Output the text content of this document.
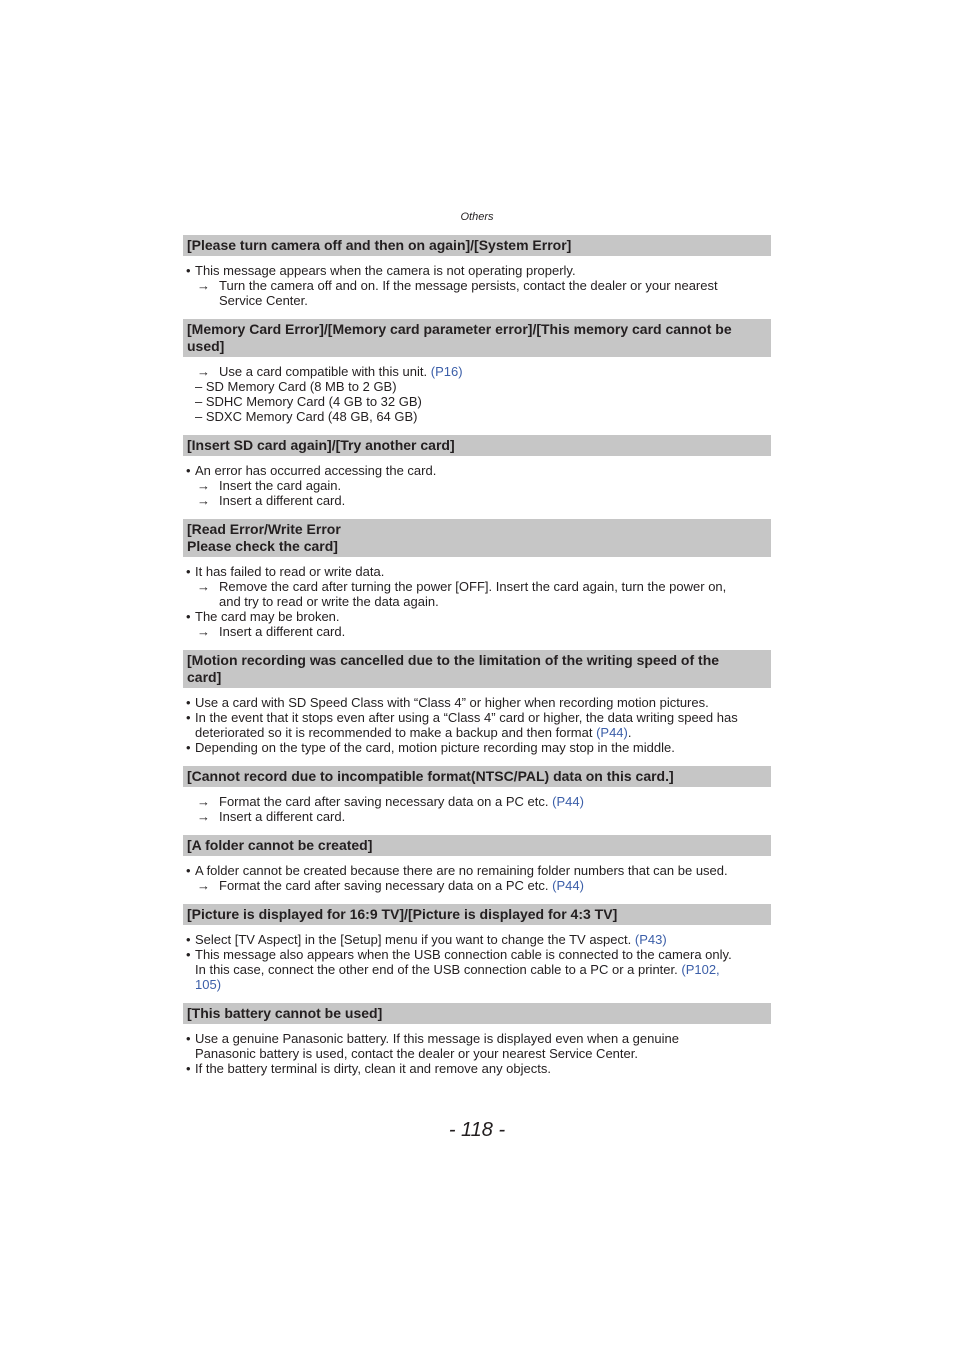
Others
[Please turn camera off and then on again]/[System Error]
• This message appears when the camera is not operating properly.
→ Turn the camera off and on. If the message persists, contact the dealer or your nearest
Service Center.
[Memory Card Error]/[Memory card parameter error]/[This memory card cannot be
used]
→ Use a card compatible with this unit. (P16)
– SD Memory Card (8 MB to 2 GB)
– SDHC Memory Card (4 GB to 32 GB)
– SDXC Memory Card (48 GB, 64 GB)
[Insert SD card again]/[Try another card]
• An error has occurred accessing the card.
→ Insert the card again.
→ Insert a different card.
[Read Error/Write Error
Please check the card]
• It has failed to read or write data.
→ Remove the card after turning the power [OFF]. Insert the card again, turn the power on,
and try to read or write the data again.
• The card may be broken.
→ Insert a different card.
[Motion recording was cancelled due to the limitation of the writing speed of the
card]
• Use a card with SD Speed Class with “Class 4” or higher when recording motion pictures.
• In the event that it stops even after using a “Class 4” card or higher, the data writing speed has
deteriorated so it is recommended to make a backup and then format (P44).
• Depending on the type of the card, motion picture recording may stop in the middle.
[Cannot record due to incompatible format(NTSC/PAL) data on this card.]
→ Format the card after saving necessary data on a PC etc. (P44)
→ Insert a different card.
[A folder cannot be created]
• A folder cannot be created because there are no remaining folder numbers that can be used.
→ Format the card after saving necessary data on a PC etc. (P44)
[Picture is displayed for 16:9 TV]/[Picture is displayed for 4:3 TV]
• Select [TV Aspect] in the [Setup] menu if you want to change the TV aspect. (P43)
• This message also appears when the USB connection cable is connected to the camera only.
In this case, connect the other end of the USB connection cable to a PC or a printer. (P102,
105)
[This battery cannot be used]
• Use a genuine Panasonic battery. If this message is displayed even when a genuine
Panasonic battery is used, contact the dealer or your nearest Service Center.
• If the battery terminal is dirty, clean it and remove any objects.
- 118 -
